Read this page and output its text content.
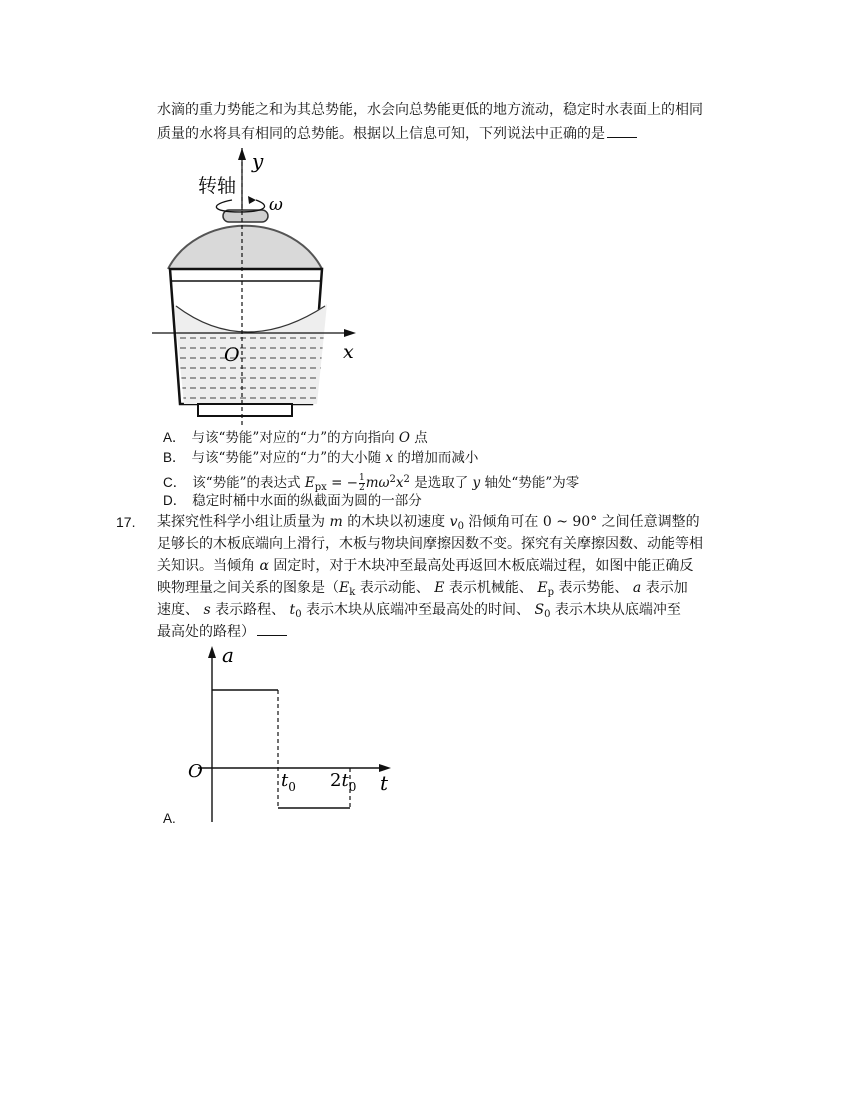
水滴的重力势能之和为其总势能，水会向总势能更低的地方流动，稳定时水表面上的相同
质量的水将具有相同的总势能。根据以上信息可知，下列说法中正确的是
y
转轴
ω
O	x
A． 与该“势能”对应的“力”的方向指向 O 点
B． 与该“势能”对应的“力”的大小随 x 的增加而减小
C． 该“势能”的表达式 $E_{px}$ = − $\frac{1}{2} m\omega^2x^2$ 是选取了 y 轴处“势能”为零
D． 稳定时桶中水面的纵截面为圆的一部分
17. 某探究性科学小组让质量为 m 的木块以初速度 $v_0$ 沿倾角可在 0 ~ 90° 之间任意调整的
足够长的木板底端向上滑行，木板与物块间摩擦因数不变。探究有关摩擦因数、动能等相
关知识。当倾角 α 固定时，对于木块冲至最高处再返回木板底端过程，如图中能正确反
映物理量之间关系的图象是（$E_k$ 表示动能、 E 表示机械能、 $E_p$ 表示势能、 a 表示加
速度、 s 表示路程、 $t_0$ 表示木块从底端冲至最高处的时间、 $S_0$ 表示木块从底端冲至
最高处的路程）
a
O	t
$t_0$ $2t_0$
A.
